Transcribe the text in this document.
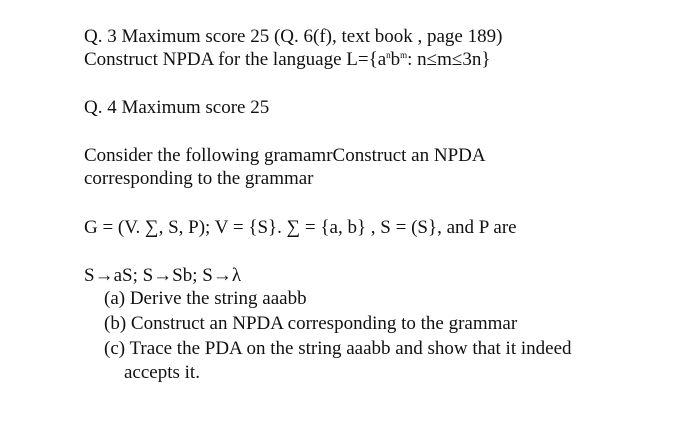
Q. 3 Maximum score 25 (Q. 6(f), text book , page 189)
Construct NPDA for the language $L=\{a^nb^m$: n≤m≤3n}
Q. 4 Maximum score 25
Consider the following gramamrConstruct an NPDA
corresponding to the grammar
G = (V. ∑, S, P); V = {S}. ∑ = {a, b} , S = (S}, and P are
S→aS; S→Sb; S→λ
(a) Derive the string aaabb
(b) Construct an NPDA corresponding to the grammar
(c) Trace the PDA on the string aaabb and show that it indeed
accepts it.
